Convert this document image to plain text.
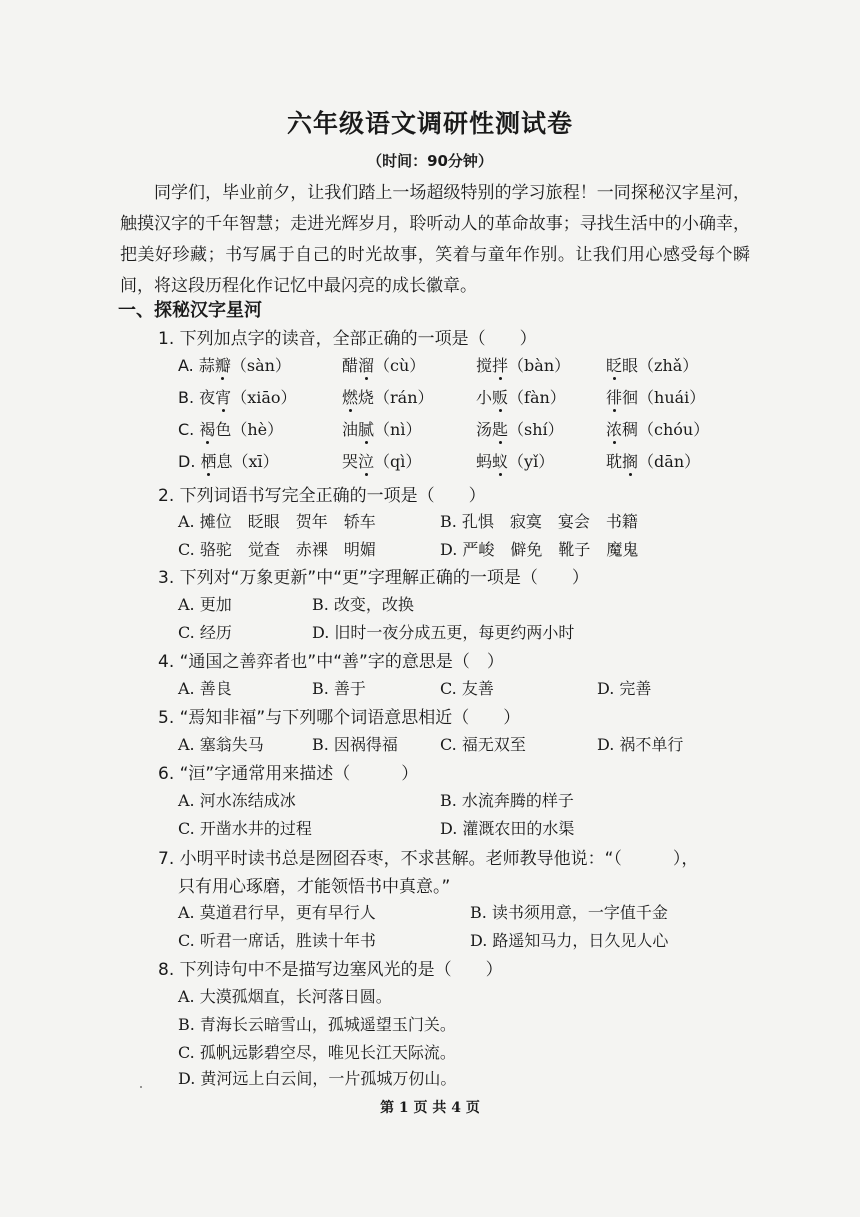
六年级语文调研性测试卷
（时间：90分钟）

同学们，毕业前夕，让我们踏上一场超级特别的学习旅程！一同探秘汉字星河，触摸汉字的千年智慧；走进光辉岁月，聆听动人的革命故事；寻找生活中的小确幸，把美好珍藏；书写属于自己的时光故事，笑着与童年作别。让我们用心感受每个瞬间，将这段历程化作记忆中最闪亮的成长徽章。

一、探秘汉字星河
1. 下列加点字的读音，全部正确的一项是（　　）
A. 蒜瓣（sàn）	醋溜（cù）	搅拌（bàn） 眨眼（zhǎ）
B. 夜宵（xiāo）	燃烧（rán）	小贩（fàn）	徘徊（huái）
C. 褐色（hè）	油腻（nì）	汤匙（shí）	浓稠（chóu）
D. 栖息（xī）	哭泣（qì）	蚂蚁（yǐ）	耽搁（dān）
2. 下列词语书写完全正确的一项是（　　）
A. 摊位　眨眼　贺年　轿车	B. 孔惧　寂寞　宴会　书籍
C. 骆驼　觉查　赤裸　明媚	D. 严峻　僻免　靴子　魔鬼
3. 下列对“万象更新”中“更”字理解正确的一项是（　　）
A. 更加	B. 改变，改换
C. 经历	D. 旧时一夜分成五更，每更约两小时
4. “通国之善弈者也”中“善”字的意思是（　）
A. 善良	B. 善于	C. 友善	D. 完善
5. “焉知非福”与下列哪个词语意思相近（　　）
A. 塞翁失马	B. 因祸得福	C. 福无双至	D. 祸不单行
6. “洹”字通常用来描述（　　　）
A. 河水冻结成冰	B. 水流奔腾的样子
C. 开凿水井的过程	D. 灌溉农田的水渠
7. 小明平时读书总是囫囵吞枣，不求甚解。老师教导他说：“（　　　），
只有用心琢磨，才能领悟书中真意。”
A. 莫道君行早，更有早行人	B. 读书须用意，一字值千金
C. 听君一席话，胜读十年书	D. 路遥知马力，日久见人心
8. 下列诗句中不是描写边塞风光的是（　　）
A. 大漠孤烟直，长河落日圆。
B. 青海长云暗雪山，孤城遥望玉门关。
C. 孤帆远影碧空尽，唯见长江天际流。
D. 黄河远上白云间，一片孤城万仞山。
第 1 页 共 4 页
